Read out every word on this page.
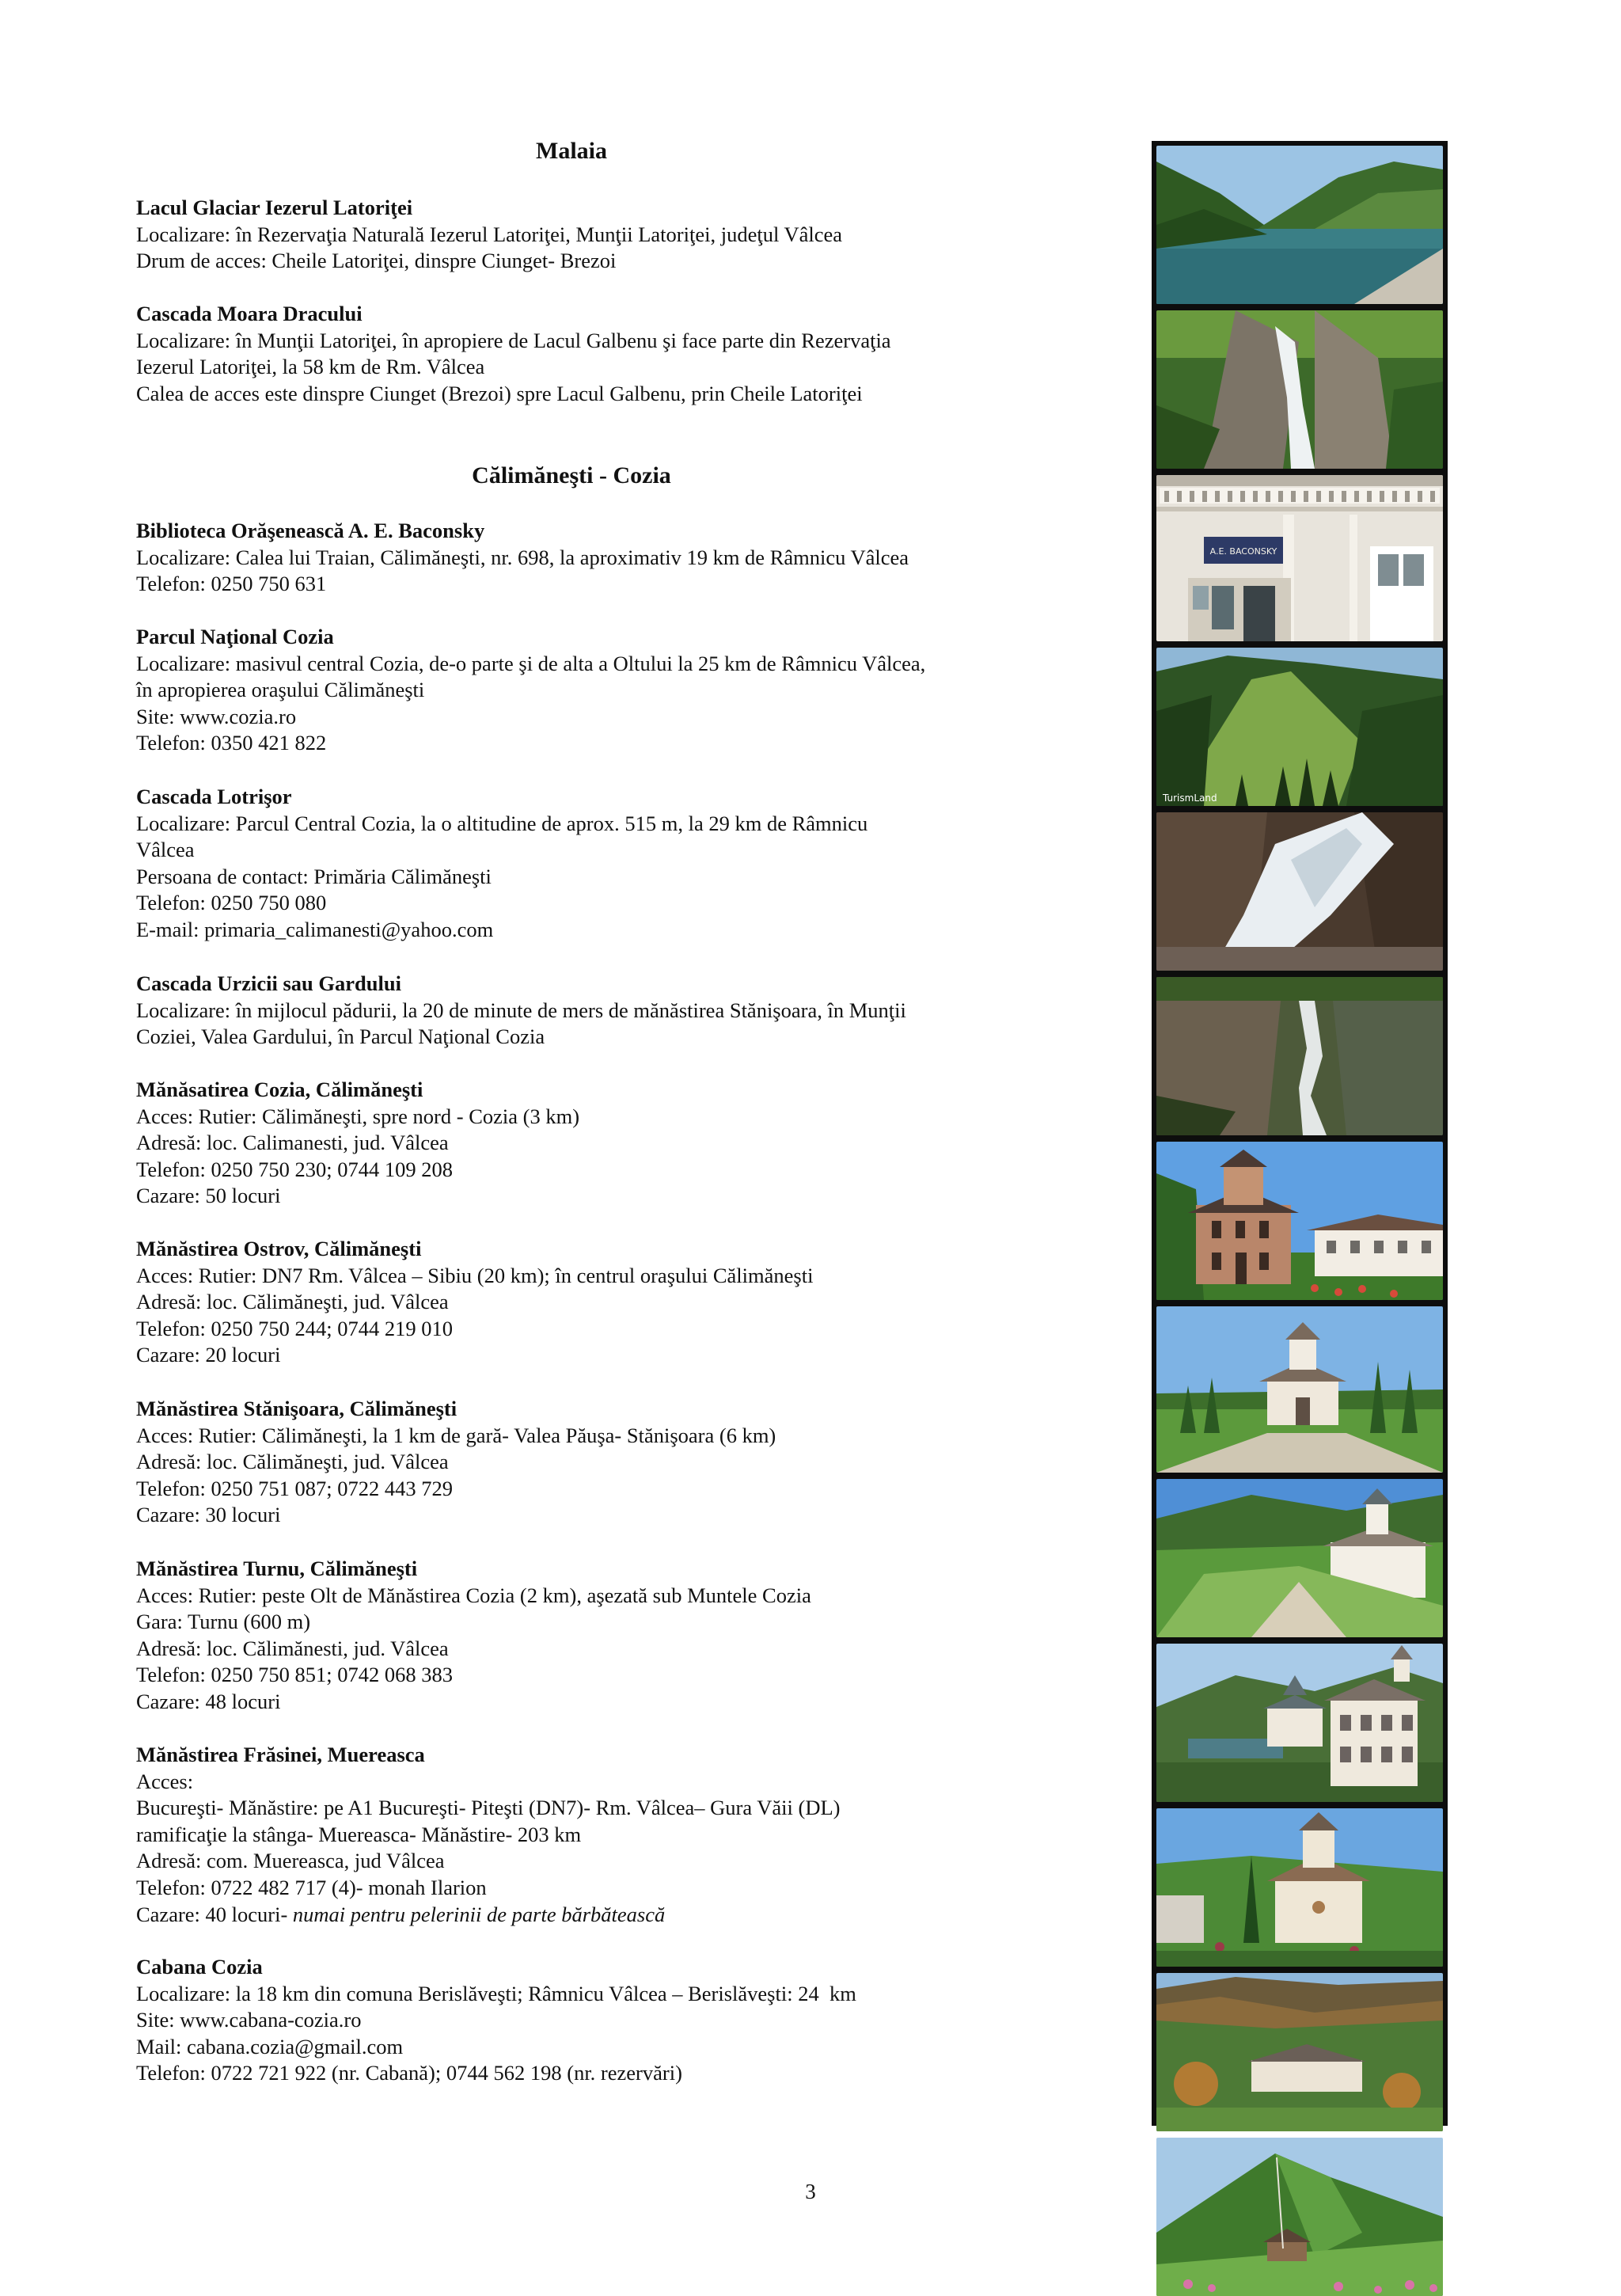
Malaia
Lacul Glaciar Iezerul Latoriţei
Localizare: în Rezervaţia Naturală Iezerul Latoriţei, Munţii Latoriţei, judeţul Vâlcea
Drum de acces: Cheile Latoriţei, dinspre Ciunget- Brezoi
Cascada Moara Dracului
Localizare: în Munţii Latoriţei, în apropiere de Lacul Galbenu şi face parte din Rezervaţia
Iezerul Latoriţei, la 58 km de Rm. Vâlcea
Calea de acces este dinspre Ciunget (Brezoi) spre Lacul Galbenu, prin Cheile Latoriţei
Călimăneşti - Cozia
Biblioteca Orăşenească A. E. Baconsky
Localizare: Calea lui Traian, Călimăneşti, nr. 698, la aproximativ 19 km de Râmnicu Vâlcea
Telefon: 0250 750 631
Parcul Naţional Cozia
Localizare: masivul central Cozia, de-o parte şi de alta a Oltului la 25 km de Râmnicu Vâlcea,
în apropierea oraşului Călimăneşti
Site: www.cozia.ro
Telefon: 0350 421 822
Cascada Lotrişor
Localizare: Parcul Central Cozia, la o altitudine de aprox. 515 m, la 29 km de Râmnicu
Vâlcea
Persoana de contact: Primăria Călimăneşti
Telefon: 0250 750 080
E-mail: primaria_calimanesti@yahoo.com
Cascada Urzicii sau Gardului
Localizare: în mijlocul pădurii, la 20 de minute de mers de mănăstirea Stănişoara, în Munţii
Coziei, Valea Gardului, în Parcul Naţional Cozia
Mănăsatirea Cozia, Călimăneşti
Acces: Rutier: Călimăneşti, spre nord - Cozia (3 km)
Adresă: loc. Calimanesti, jud. Vâlcea
Telefon: 0250 750 230; 0744 109 208
Cazare: 50 locuri
Mănăstirea Ostrov, Călimăneşti
Acces: Rutier: DN7 Rm. Vâlcea – Sibiu (20 km); în centrul oraşului Călimăneşti
Adresă: loc. Călimăneşti, jud. Vâlcea
Telefon: 0250 750 244; 0744 219 010
Cazare: 20 locuri
Mănăstirea Stănişoara, Călimăneşti
Acces: Rutier: Călimăneşti, la 1 km de gară- Valea Păuşa- Stănişoara (6 km)
Adresă: loc. Călimăneşti, jud. Vâlcea
Telefon: 0250 751 087; 0722 443 729
Cazare: 30 locuri
Mănăstirea Turnu, Călimăneşti
Acces: Rutier: peste Olt de Mănăstirea Cozia (2 km), aşezată sub Muntele Cozia
Gara: Turnu (600 m)
Adresă: loc. Călimănesti, jud. Vâlcea
Telefon: 0250 750 851; 0742 068 383
Cazare: 48 locuri
Mănăstirea Frăsinei, Muereasca
Acces:
Bucureşti- Mănăstire: pe A1 Bucureşti- Piteşti (DN7)- Rm. Vâlcea– Gura Văii (DL)
ramificaţie la stânga- Muereasca- Mănăstire- 203 km
Adresă: com. Muereasca, jud Vâlcea
Telefon: 0722 482 717 (4)- monah Ilarion
Cazare: 40 locuri- numai pentru pelerinii de parte bărbătească
Cabana Cozia
Localizare: la 18 km din comuna Berislăveşti; Râmnicu Vâlcea – Berislăveşti: 24  km
Site: www.cabana-cozia.ro
Mail: cabana.cozia@gmail.com
Telefon: 0722 721 922 (nr. Cabană); 0744 562 198 (nr. rezervări)
A.E. BACONSKY
TurismLand
3
